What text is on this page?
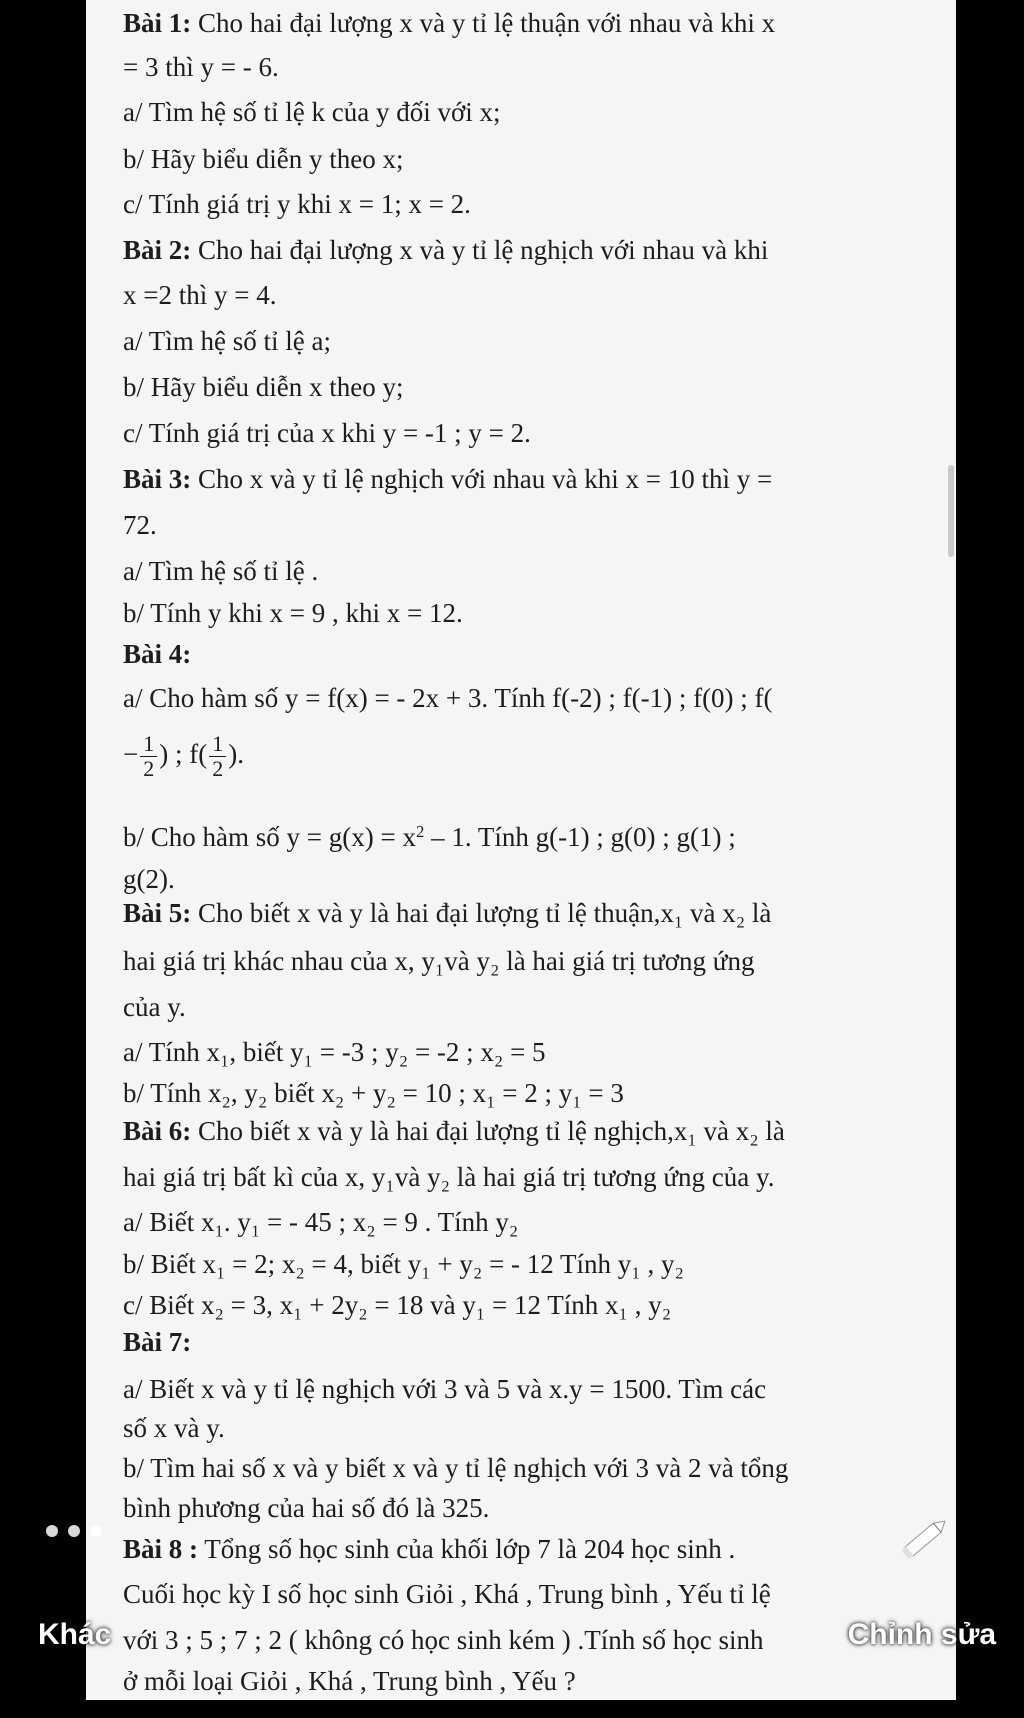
Bài 1: Cho hai đại lượng x và y tỉ lệ thuận với nhau và khi x
= 3 thì y = - 6.
a/ Tìm hệ số tỉ lệ k của y đối với x;
b/ Hãy biểu diễn y theo x;
c/ Tính giá trị y khi x = 1; x = 2.
Bài 2: Cho hai đại lượng x và y tỉ lệ nghịch với nhau và khi
x =2 thì y = 4.
a/ Tìm hệ số tỉ lệ a;
b/ Hãy biểu diễn x theo y;
c/ Tính giá trị của x khi y = -1 ; y = 2.
Bài 3: Cho x và y tỉ lệ nghịch với nhau và khi x = 10 thì y =
72.
a/ Tìm hệ số tỉ lệ .
b/ Tính y khi x = 9 , khi x = 12.
Bài 4:
a/ Cho hàm số y = f(x) = - 2x + 3. Tính f(-2) ; f(-1) ; f(0) ; f(
− $\frac{1}{2}$ ) ; $f( \frac{1}{2}$ ).
b/ Cho hàm số $y = g(x) = x^2 - 1$. Tính g(-1) ; g(0) ; g(1) ;
g(2).
Bài 5: Cho biết x và y là hai đại lượng tỉ lệ thuận,x₁ và x₂ là
hai giá trị khác nhau của x, y₁và y₂ là hai giá trị tương ứng
của y.
a/ Tính x₁, biết y₁ = -3 ; y₂ = -2 ; x₂ = 5
b/ Tính x₂, y₂ biết x₂ + y₂ = 10 ; x₁ = 2 ; y₁ = 3
Bài 6: Cho biết x và y là hai đại lượng tỉ lệ nghịch,x₁ và x₂ là
hai giá trị bất kì của x, y₁và y₂ là hai giá trị tương ứng của y.
a/ Biết x₁. y₁ = - 45 ; x₂ = 9 . Tính y₂
b/ Biết x₁ = 2; x₂ = 4, biết y₁ + y₂ = - 12 Tính y₁ , y₂
c/ Biết x₂ = 3, x₁ + 2y₂ = 18 và y₁ = 12 Tính x₁ , y₂
Bài 7:
a/ Biết x và y tỉ lệ nghịch với 3 và 5 và x.y = 1500. Tìm các
số x và y.
b/ Tìm hai số x và y biết x và y tỉ lệ nghịch với 3 và 2 và tổng
bình phương của hai số đó là 325.
Bài 8 : Tổng số học sinh của khối lớp 7 là 204 học sinh .
Cuối học kỳ I số học sinh Giỏi , Khá , Trung bình , Yếu tỉ lệ
với 3 ; 5 ; 7 ; 2 ( không có học sinh kém ) .Tính số học sinh
ở mỗi loại Giỏi , Khá , Trung bình , Yếu ?
Khác	Chỉnh sửa
